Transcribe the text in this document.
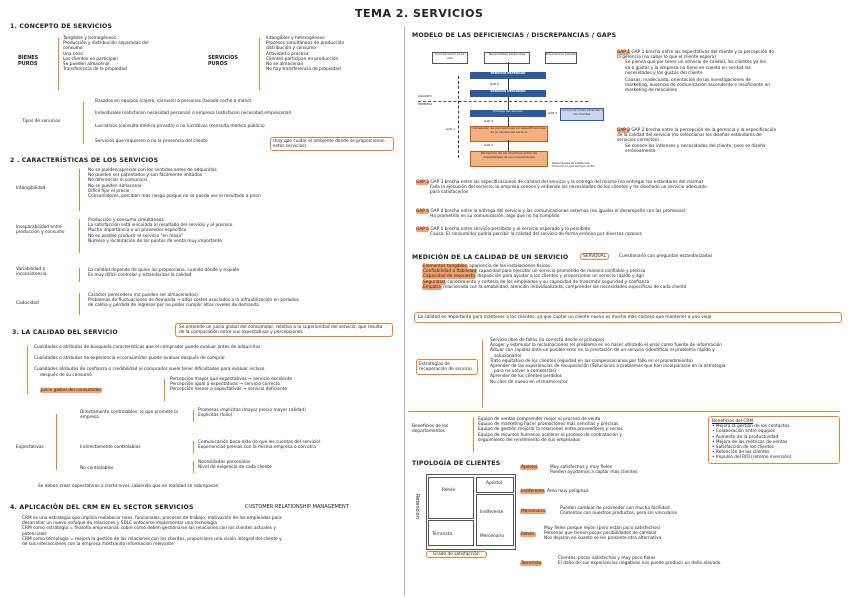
TEMA 2. SERVICIOS
1. CONCEPTO DE SERVICIOS
BIENES PUROS
Tangibles y homogéneos
Producción y distribución separadas del
consumo
Una cosa
Los clientes no participan
Se pueden almacenar
Transferencia de la propiedad
SERVICIOS PUROS
Intangibles y heterogéneos
Procesos simultáneos de producción
distribución y consumo
Actividad o proceso
Clientes participan en producción
No se almacenan
No hay transferencia de propiedad
Tipos de servicios
Basados en equipos (cajero, carrusel) o personas (lavado coche a mano)
Individuales (satisfacen necesidad personal) o empresa (satisfacen necesidad empresarial)
Lucrativos (consulta médica privada) o no lucrativos (consulta médica pública)
Servicios que requieren o no la presencia del cliente	(hay que cuidar el ambiente donde se proporcionan estos servicios)
2 . CARACTERÍSTICAS DE LOS SERVICIOS
Intangibilidad
No se pueden apreciar con los sentidos antes de adquirirlos
No pueden ser patentados y son fácilmente imitados
No diferenciar ni comunicar
No se pueden almacenar
Difícil fijar el precio
Consumidores, perciben más riesgo porque no se puede ver el resultado a priori
Inseparabilidad entre producción y consumo
Producción y consumo simultáneos
La satisfacción está vinculada al resultado del servicio y al proceso
Mucha importancia a un proveedor específico
No es posible producir el servicio "en masa"
Número y localización de los puntos de venta muy importante
Variabilidad o inconsistencia
La calidad depende de quien los proporciona, cuando dónde y a quién
Es muy difícil controlar y estandarizar la calidad
Caducidad
Carácter perecedero (no pueden ser almacenados)
Problemas de fluctuaciones de demanda → altos costes asociados a la infrautilización en periodos
de calma y pérdida de ingresos por no poder cumplir altos niveles de demanda
3. LA CALIDAD DEL SERVICIO
Se entiende un juicio global del consumidor, relativo a la superioridad del servicio, que resulta de la comparación entre sus expectativas y percepciones
Cualidades o atributos de búsqueda características que el comprador puede evaluar antes de adquirirlos
Cualidades o atributos de experiencia el consumidor puede evaluar después de comprar
Cualidades atributos de confianza o credibilidad el comprador suele tener dificultades para evaluar incluso
después de su consumo
Juicio global del consumidor
Percepción mayor que expectativas → servicio excelente
Percepción igual a expectativas → servicio correcto
Percepción menor a expectativas → servicio deficiente
Expectativas
Directamente controlables: lo que promete la empresa
Promesas implícitas (mayor precio mayor calidad)
Explícitas (folio)
Indirectamente controlables
Comunicación boca-oído (lo que les cuentas del servicio)
Experiencias previas con la misma empresa o con otra
No controlables
Necesidades personales
Nivel de exigencia de cada cliente
Se deben crear expectativas a cierto nivel, sabiendo que en realidad se sobrepasan
4. APLICACIÓN DEL CRM EN EL SECTOR SERVICIOS	CUSTOMER RELATIONSHIP MANAGEMENT
CRM es una estrategia que implica reelaborar roles, funcionales, procesos de trabajo, motivación de los empleados para
desarrollar un nuevo enfoque de relaciones y SDLC enfocarse implementar una tecnología
CRM como estrategia = filosofía empresarial, sobre cómo deben gestionarse las relaciones con los clientes actuales y
potenciales
CRM como tecnología = mejora la gestión de las relaciones con los clientes, proporciona una visión integral del cliente y
de sus interacciones con la empresa mostrando información relevante
MODELO DE LAS DEFICIENCIAS / DISCREPANCIAS / GAPS
Comunicación boca-oído
Necesidades personales	Experiencia pasada
SERVICIO ESPERADO
SERVICIO PERCIBIDO
USUARIO
EMPRESA
Entrega del servicio	Comunicaciones externas a los clientes
Conversión de percepciones en especificaciones de la calidad del servicio
Percepción de los directivos sobre las expectativas de los consumidores
GAP 5
GAP 4
GAP 3
GAP 2
GAP 1
Determinante de satisfacción
Consumir en que tiempos contra
GAP 1 GAP 1 brecha entre las expectativas del cliente y la percepción de
la gerencia (no saber lo que el cliente espera)
Se piensa que por tener un servicio de calidad, los clientes ya les
va a gustar y la empresa no tiene en cuenta en verdad las
necesidades y los gustos del cliente
Causas: inadecuada, orientación de las investigaciones de
marketing, ausencia de comunicación ascendente e insuficiente en
marketing de relaciones
GAP 2 GAP 2 brecha entre la percepción de la gerencia y la especificación
de la calidad del servicio (no seleccionar los diseños estándares de
servicios correctos)
Se conoce los intereses y necesidades del cliente, pero se diseña
erróneamente
GAP 3 GAP 3 brecha entre las especificaciones de calidad del servicio y la entrega del mismo (no entregar los estándares del mismo)
Falla la ejecución del servicio, la empresa conoce y entiende las necesidades de los clientes y ha diseñado un servicio adecuado
para satisfacerlos
GAP 4 GAP 4 brecha entre la entrega del servicio y las comunicaciones externas (no igualar el desempeño con las promesas)
Ha prometido en su comunicación, algo que no ha cumplido
GAP 5 GAP 5 brecha entre servicio percibido y el servicio esperado y lo percibido
Causa: El consumidor podría percibir la calidad del servicio de forma errónea por diversos razones
MEDICIÓN DE LA CALIDAD DE UN SERVICIO	SERVQUAL	Cuestionario con preguntas estandarizadas
Elementos tangibles apariencia de las instalaciones físicas
Confiabilidad o fiabilidad capacidad para ejecutar un servicio prometido de manera confiable y precisa
Capacidad de respuesta disposición para ayudar a los clientes y proporcionar un servicio rápido y ágil
Seguridad conocimiento y cortesía de los empleados y su capacidad de transmitir seguridad y confianza
Empatía relacionada con la amabilidad, atención individualizada, comprender las necesidades específicas de cada cliente
La calidad es importante para mantener a los clientes, ya que captar un cliente nuevo es mucho más costoso que mantener a uno viejo
Estrategias de recuperación de servicio
Servicio libre de fallos (lo correcto desde el principio)
Acoger y estimular la reclamaciones (el problema es no hacer utilizado el error como fuente de información
Actuar con rapidez ante un posible error en la prestación de un servicio (identificar el problema rápido y
solucionarlo)
Trato equitativo de los clientes (equidad en las compensaciones por fallo en el procedimiento)
Aprender de las experiencias de recuperación (Soluciones a problemas que han incorporarse en la estrategia
para no volver a cometerlos)
Aprender de los clientes perdidos
No caer de nuevo en el mismo error
Beneficios de los departamentos
Equipo de ventas comprender mejor el proceso de venta
Equipo de marketing hacer promociones más sencillas y precisas
Equipo de gestión mejorar la relaciones entre proveedores y socios
Equipo de recursos humanos acelerar el proceso de contratación y
seguimiento del rendimiento de sus empleados
Beneficios del CRM
• Mejora la gestión de los contactos
• Colaboración entre equipos
• Aumento de la productividad
• Mejora de las métricas de ventas
• Satisfacción de los clientes
• Retención de los clientes
• Impulso del ROI (retorno inversión)
TIPOLOGÍA DE CLIENTES
Retención
Rehén
Apóstol
Indiferente
Terrorista	Mercenario
Grado de satisfacción
Apóstol	Muy satisfechos y muy fieles
Pueden ayudarnos a captar más clientes
Indiferente Área muy peligrosa
Mercenario
Pueden cambiar de proveedor con mucha facilidad
Contentos con nuestros productos, pero sin vincularse
Rehén
Muy fieles porque rejión (pero están poco satisfechos)
Personas que tienen pocas posibilidades de cambiar
Nos dejarán en cuanto se les presente otra alternativa
Terrorista
Clientes, pocos satisfechos y muy poco fieles
El daño de sus experiencias negativas nos puede producir un daño elevado
